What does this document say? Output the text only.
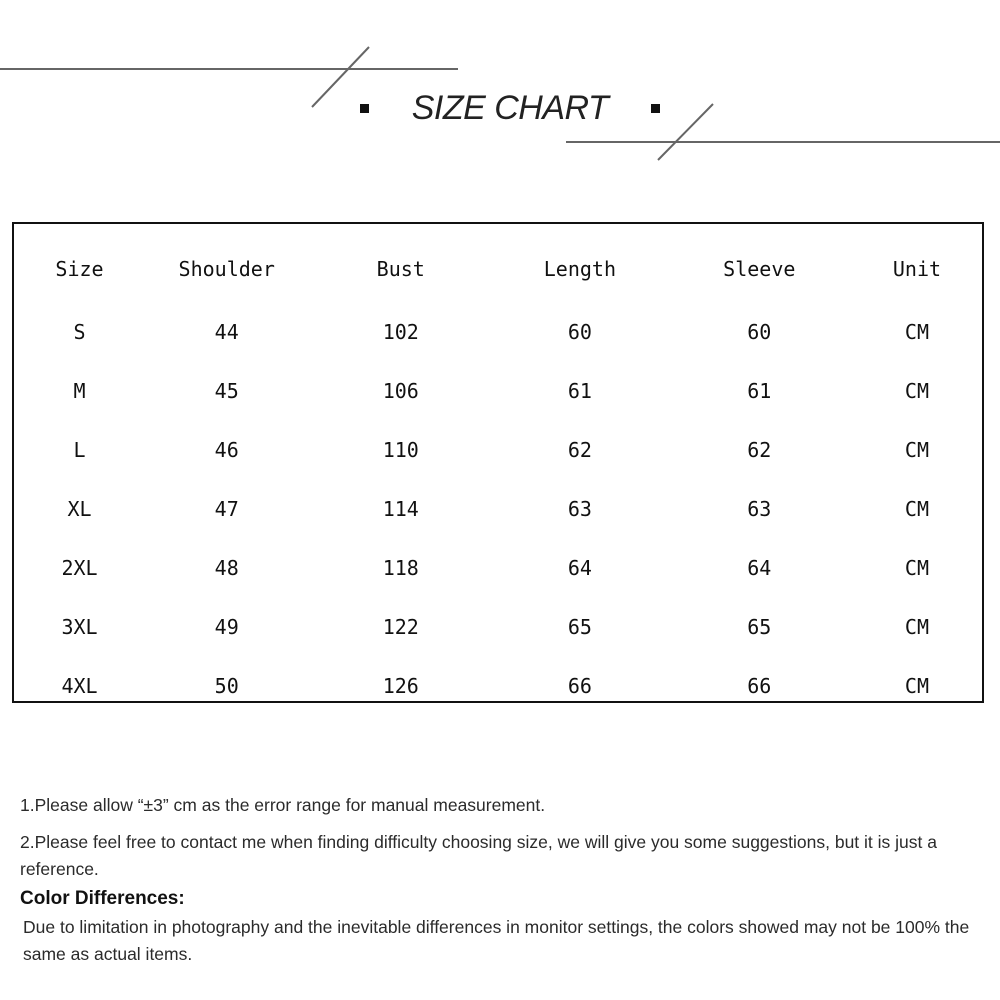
SIZE CHART
Size	Shoulder	Bust	Length	Sleeve	Unit
S	44	102	60	60	CM
M	45	106	61	61	CM
L	46	110	62	62	CM
XL	47	114	63	63	CM
2XL	48	118	64	64	CM
3XL	49	122	65	65	CM
4XL	50	126	66	66	CM

1.Please allow “±3” cm as the error range for manual measurement.

2.Please feel free to contact me when finding difficulty choosing size, we will give you some suggestions, but it is just a reference.

Color Differences:
Due to limitation in photography and the inevitable differences in monitor settings, the colors showed may not be 100% the same as actual items.
